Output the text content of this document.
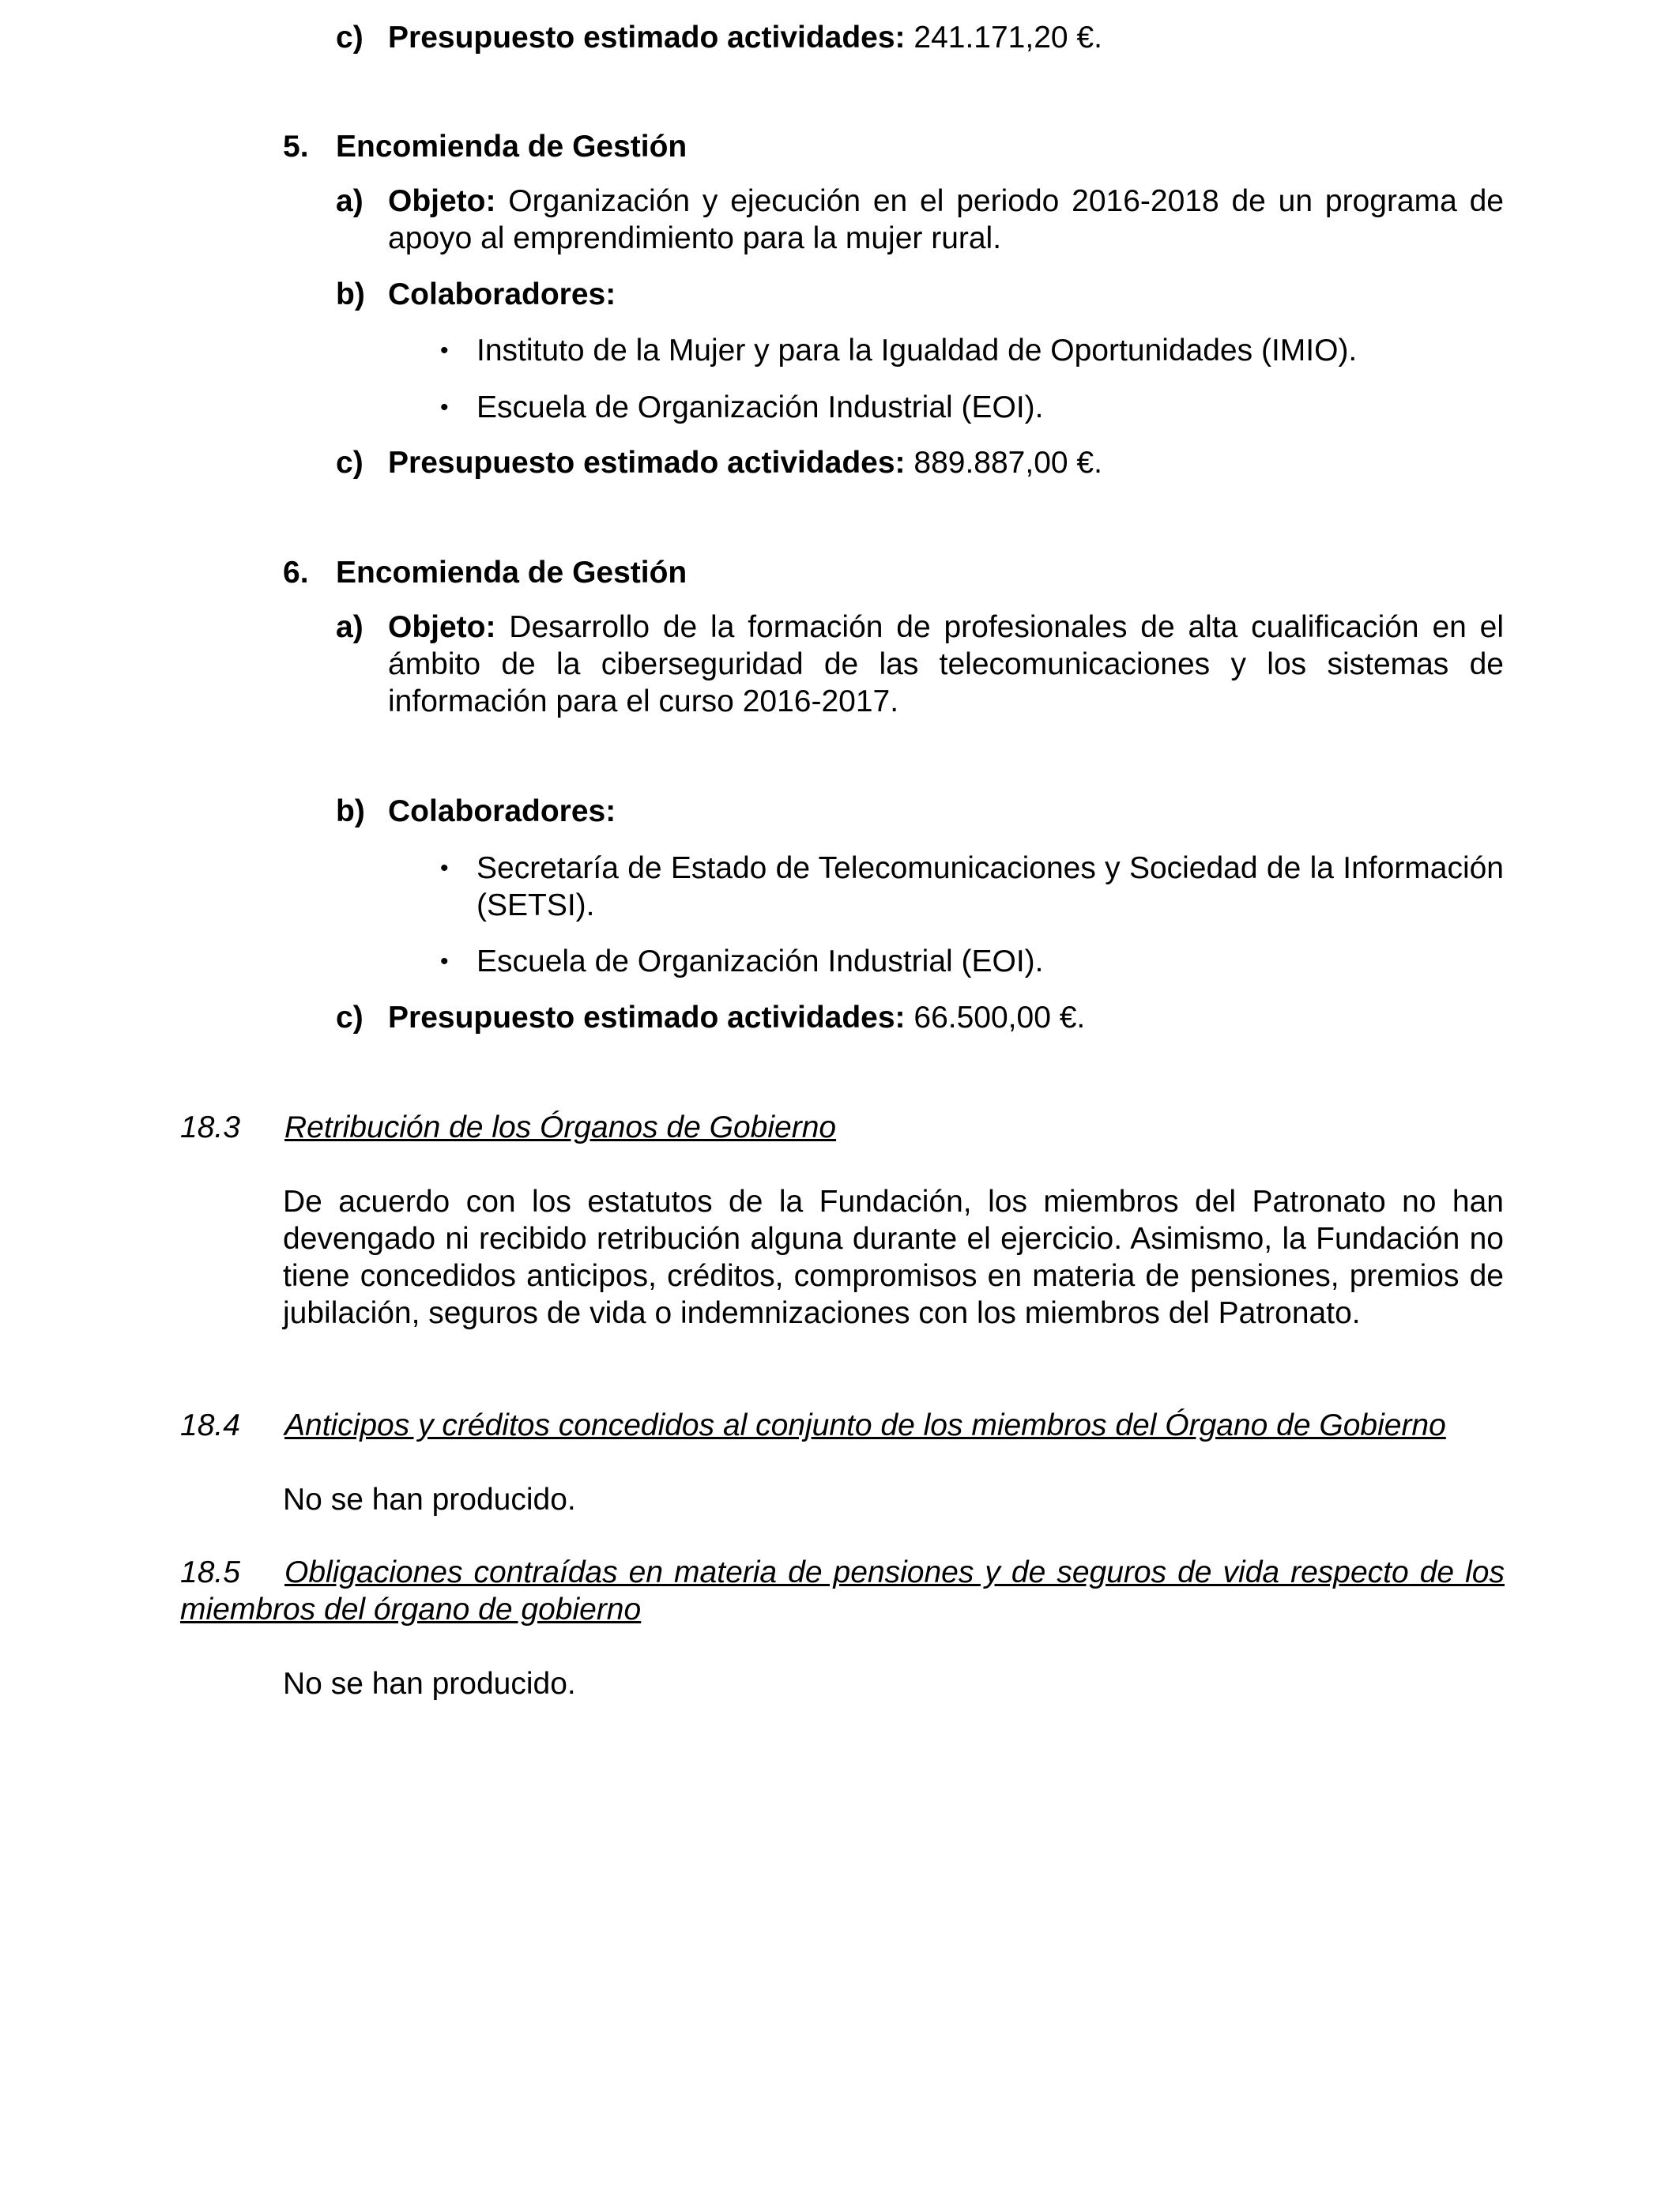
c) Presupuesto estimado actividades: 241.171,20 €.
5. Encomienda de Gestión
a) Objeto: Organización y ejecución en el periodo 2016-2018 de un programa de apoyo al emprendimiento para la mujer rural.
b) Colaboradores:
• Instituto de la Mujer y para la Igualdad de Oportunidades (IMIO).
• Escuela de Organización Industrial (EOI).
c) Presupuesto estimado actividades: 889.887,00 €.
6. Encomienda de Gestión
a) Objeto: Desarrollo de la formación de profesionales de alta cualificación en el ámbito de la ciberseguridad de las telecomunicaciones y los sistemas de información para el curso 2016-2017.
b) Colaboradores:
• Secretaría de Estado de Telecomunicaciones y Sociedad de la Información (SETSI).
• Escuela de Organización Industrial (EOI).
c) Presupuesto estimado actividades: 66.500,00 €.
18.3 Retribución de los Órganos de Gobierno
De acuerdo con los estatutos de la Fundación, los miembros del Patronato no han devengado ni recibido retribución alguna durante el ejercicio. Asimismo, la Fundación no tiene concedidos anticipos, créditos, compromisos en materia de pensiones, premios de jubilación, seguros de vida o indemnizaciones con los miembros del Patronato.
18.4 Anticipos y créditos concedidos al conjunto de los miembros del Órgano de Gobierno
No se han producido.
18.5 Obligaciones contraídas en materia de pensiones y de seguros de vida respecto de los miembros del órgano de gobierno
No se han producido.
